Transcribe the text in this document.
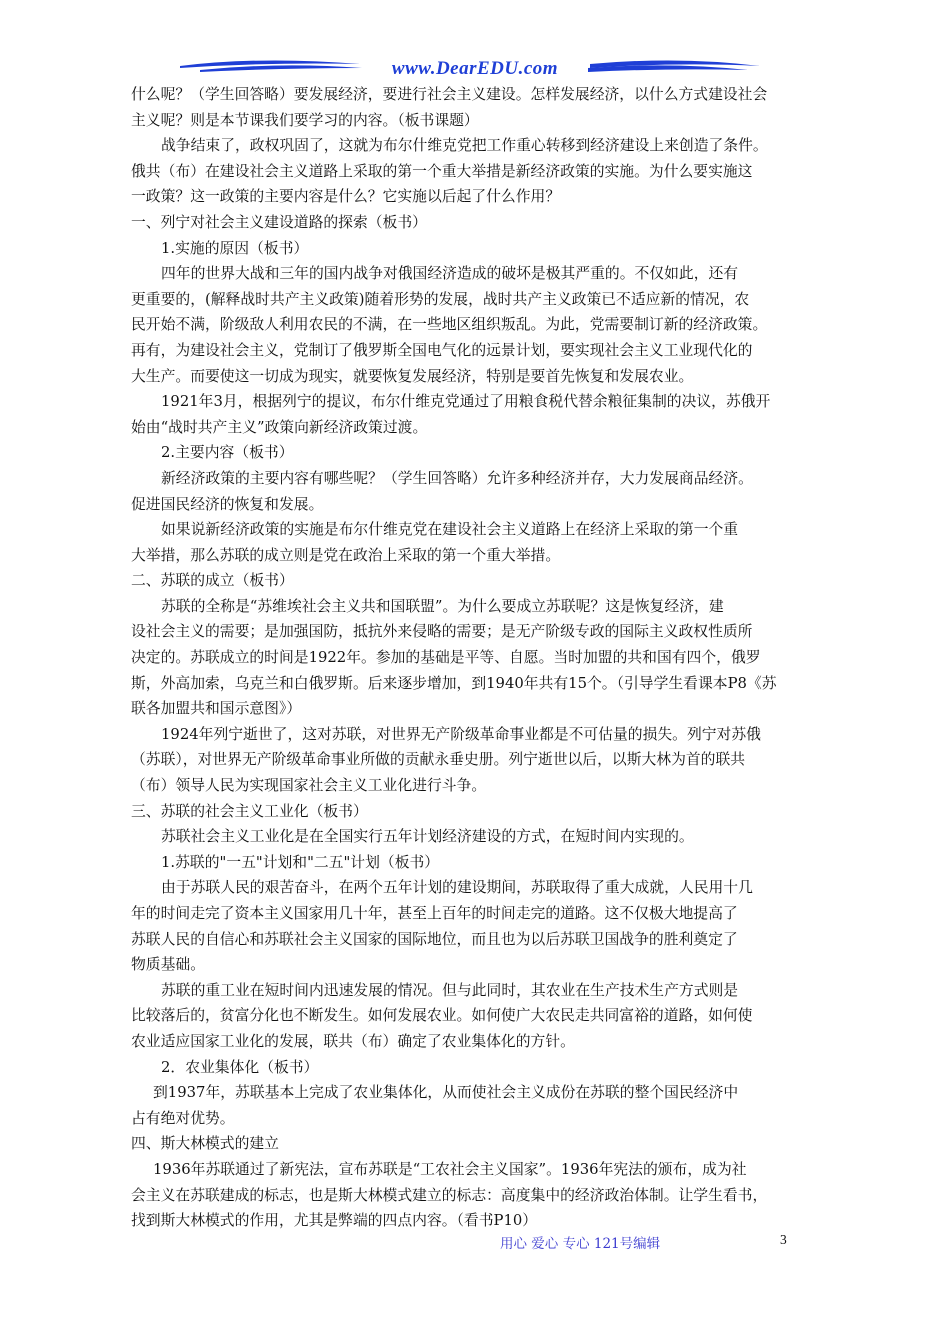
www.DearEDU.com
什么呢？（学生回答略）要发展经济，要进行社会主义建设。怎样发展经济，以什么方式建设社会
主义呢？则是本节课我们要学习的内容。（板书课题）
战争结束了，政权巩固了，这就为布尔什维克党把工作重心转移到经济建设上来创造了条件。
俄共（布）在建设社会主义道路上采取的第一个重大举措是新经济政策的实施。为什么要实施这
一政策？这一政策的主要内容是什么？它实施以后起了什么作用？
一、列宁对社会主义建设道路的探索（板书）
1.实施的原因（板书）
四年的世界大战和三年的国内战争对俄国经济造成的破坏是极其严重的。不仅如此，还有
更重要的，(解释战时共产主义政策)随着形势的发展，战时共产主义政策已不适应新的情况，农
民开始不满，阶级敌人利用农民的不满，在一些地区组织叛乱。为此，党需要制订新的经济政策。
再有，为建设社会主义，党制订了俄罗斯全国电气化的远景计划，要实现社会主义工业现代化的
大生产。而要使这一切成为现实，就要恢复发展经济，特别是要首先恢复和发展农业。
1921年3月，根据列宁的提议，布尔什维克党通过了用粮食税代替余粮征集制的决议，苏俄开
始由“战时共产主义”政策向新经济政策过渡。
2.主要内容（板书）
新经济政策的主要内容有哪些呢？（学生回答略）允许多种经济并存，大力发展商品经济。
促进国民经济的恢复和发展。
如果说新经济政策的实施是布尔什维克党在建设社会主义道路上在经济上采取的第一个重
大举措，那么苏联的成立则是党在政治上采取的第一个重大举措。
二、苏联的成立（板书）
苏联的全称是“苏维埃社会主义共和国联盟”。为什么要成立苏联呢？这是恢复经济，建
设社会主义的需要；是加强国防，抵抗外来侵略的需要；是无产阶级专政的国际主义政权性质所
决定的。苏联成立的时间是1922年。参加的基础是平等、自愿。当时加盟的共和国有四个，俄罗
斯，外高加索，乌克兰和白俄罗斯。后来逐步增加，到1940年共有15个。（引导学生看课本P8《苏
联各加盟共和国示意图》）
1924年列宁逝世了，这对苏联，对世界无产阶级革命事业都是不可估量的损失。列宁对苏俄
（苏联），对世界无产阶级革命事业所做的贡献永垂史册。列宁逝世以后，以斯大林为首的联共
（布）领导人民为实现国家社会主义工业化进行斗争。
三、苏联的社会主义工业化（板书）
苏联社会主义工业化是在全国实行五年计划经济建设的方式，在短时间内实现的。
1.苏联的"一五"计划和"二五"计划（板书）
由于苏联人民的艰苦奋斗，在两个五年计划的建设期间，苏联取得了重大成就，人民用十几
年的时间走完了资本主义国家用几十年，甚至上百年的时间走完的道路。这不仅极大地提高了
苏联人民的自信心和苏联社会主义国家的国际地位，而且也为以后苏联卫国战争的胜利奠定了
物质基础。
苏联的重工业在短时间内迅速发展的情况。但与此同时，其农业在生产技术生产方式则是
比较落后的，贫富分化也不断发生。如何发展农业。如何使广大农民走共同富裕的道路，如何使
农业适应国家工业化的发展，联共（布）确定了农业集体化的方针。
2．农业集体化（板书）
到1937年，苏联基本上完成了农业集体化，从而使社会主义成份在苏联的整个国民经济中
占有绝对优势。
四、斯大林模式的建立
1936年苏联通过了新宪法，宣布苏联是“工农社会主义国家”。1936年宪法的颁布，成为社
会主义在苏联建成的标志，也是斯大林模式建立的标志：高度集中的经济政治体制。让学生看书，
找到斯大林模式的作用，尤其是弊端的四点内容。（看书P10）
用心 爱心 专心 121号编辑	3
